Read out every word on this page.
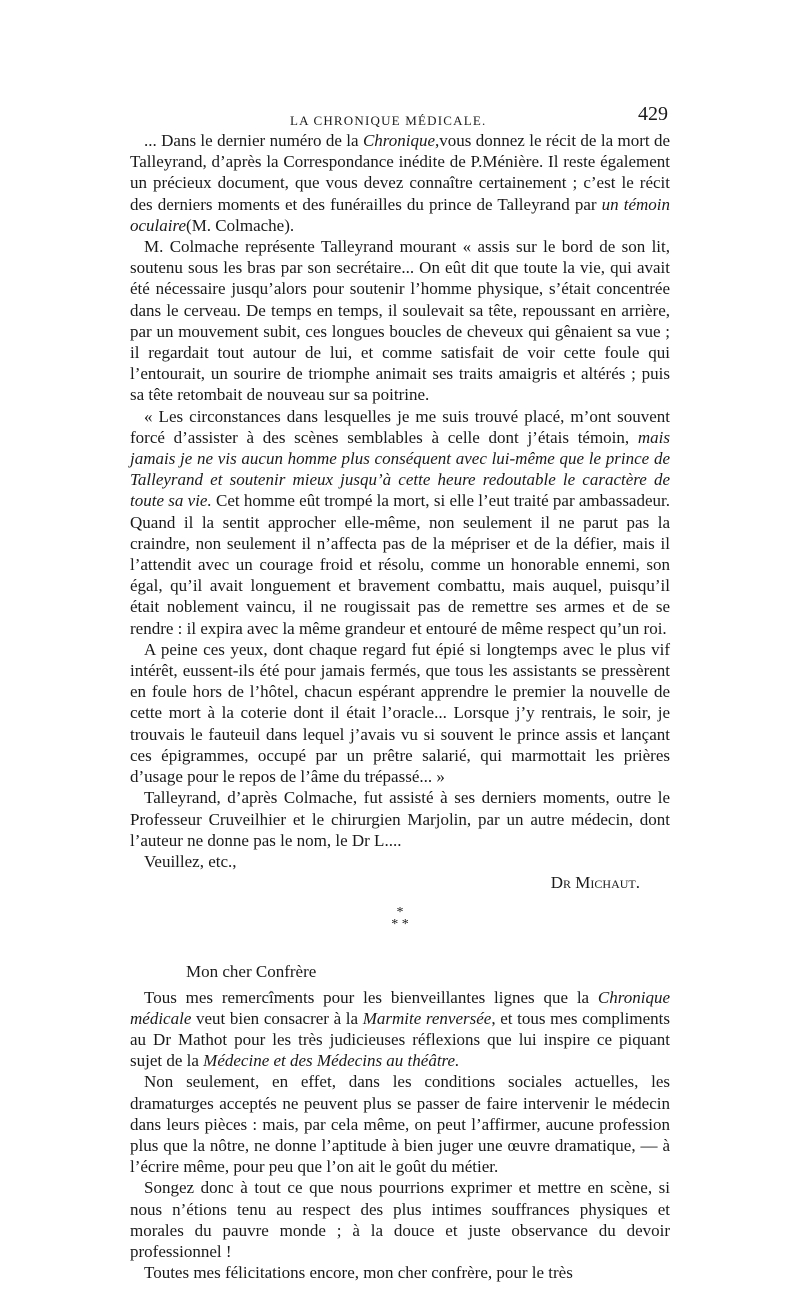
LA CHRONIQUE MÉDICALE.	429

... Dans le dernier numéro de la Chronique,vous donnez le récit de la mort de Talleyrand, d’après la Correspondance inédite de P.Ménière. Il reste également un précieux document, que vous devez connaître certainement ; c’est le récit des derniers moments et des funérailles du prince de Talleyrand par un témoin oculaire(M. Colmache).

M. Colmache représente Talleyrand mourant « assis sur le bord de son lit, soutenu sous les bras par son secrétaire... On eût dit que toute la vie, qui avait été nécessaire jusqu’alors pour soutenir l’homme physique, s’était concentrée dans le cerveau. De temps en temps, il soulevait sa tête, repoussant en arrière, par un mouvement subit, ces longues boucles de cheveux qui gênaient sa vue ; il regardait tout autour de lui, et comme satisfait de voir cette foule qui l’entourait, un sourire de triomphe animait ses traits amaigris et altérés ; puis sa tête retombait de nouveau sur sa poitrine.

« Les circonstances dans lesquelles je me suis trouvé placé, m’ont souvent forcé d’assister à des scènes semblables à celle dont j’étais témoin, mais jamais je ne vis aucun homme plus conséquent avec lui-même que le prince de Talleyrand et soutenir mieux jusqu’à cette heure redoutable le caractère de toute sa vie. Cet homme eût trompé la mort, si elle l’eut traité par ambassadeur. Quand il la sentit approcher elle-même, non seulement il ne parut pas la craindre, non seulement il n’affecta pas de la mépriser et de la défier, mais il l’attendit avec un courage froid et résolu, comme un honorable ennemi, son égal, qu’il avait longuement et bravement combattu, mais auquel, puisqu’il était noblement vaincu, il ne rougissait pas de remettre ses armes et de se rendre : il expira avec la même grandeur et entouré de même respect qu’un roi.

A peine ces yeux, dont chaque regard fut épié si longtemps avec le plus vif intérêt, eussent-ils été pour jamais fermés, que tous les assistants se pressèrent en foule hors de l’hôtel, chacun espérant apprendre le premier la nouvelle de cette mort à la coterie dont il était l’oracle... Lorsque j’y rentrais, le soir, je trouvais le fauteuil dans lequel j’avais vu si souvent le prince assis et lançant ces épigrammes, occupé par un prêtre salarié, qui marmottait les prières d’usage pour le repos de l’âme du trépassé... »

Talleyrand, d’après Colmache, fut assisté à ses derniers moments, outre le Professeur Cruveilhier et le chirurgien Marjolin, par un autre médecin, dont l’auteur ne donne pas le nom, le Dr L....

Veuillez, etc.,

Dr Michaut.

*
* *

Mon cher Confrère

Tous mes remercîments pour les bienveillantes lignes que la Chronique médicale veut bien consacrer à la Marmite renversée, et tous mes compliments au Dr Mathot pour les très judicieuses réflexions que lui inspire ce piquant sujet de la Médecine et des Médecins au théâtre.

Non seulement, en effet, dans les conditions sociales actuelles, les dramaturges acceptés ne peuvent plus se passer de faire intervenir le médecin dans leurs pièces : mais, par cela même, on peut l’affirmer, aucune profession plus que la nôtre, ne donne l’aptitude à bien juger une œuvre dramatique, — à l’écrire même, pour peu que l’on ait le goût du métier.

Songez donc à tout ce que nous pourrions exprimer et mettre en scène, si nous n’étions tenu au respect des plus intimes souffrances physiques et morales du pauvre monde ; à la douce et juste observance du devoir professionnel !

Toutes mes félicitations encore, mon cher confrère, pour le très
